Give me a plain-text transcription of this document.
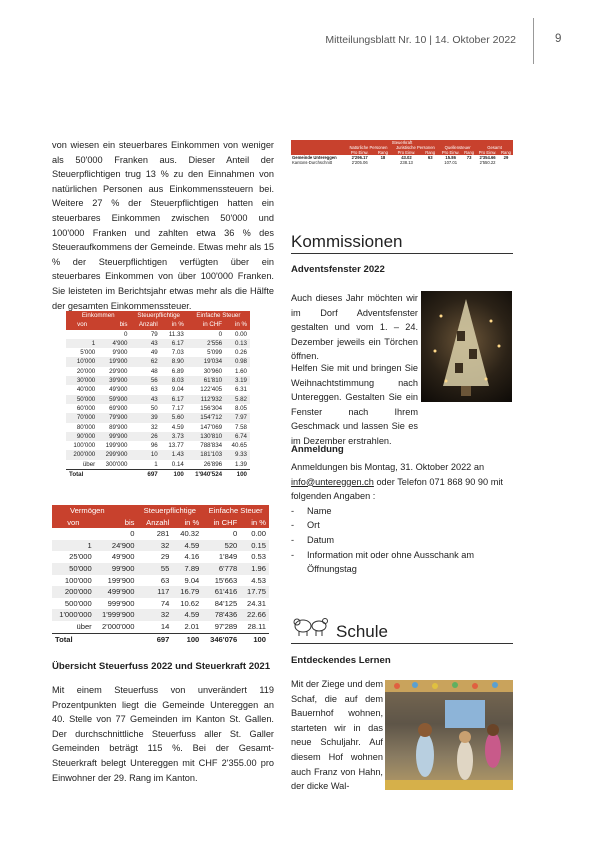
Mitteilungsblatt Nr. 10 | 14. Oktober 2022	9

von wiesen ein steuerbares Einkommen von weniger als 50'000 Franken aus. Dieser Anteil der Steuerpflichtigen trug 13 % zu den Einnahmen von natürlichen Personen aus Einkommenssteuern bei. Weitere 27 % der Steuerpflichtigen hatten ein steuerbares Einkommen zwischen 50'000 und 100'000 Franken und zahlten etwa 36 % des Steueraufkommens der Gemeinde. Etwas mehr als 15 % der Steuerpflichtigen verfügten über ein steuerbares Einkommen von über 100'000 Franken. Sie leisteten im Berichtsjahr etwas mehr als die Hälfte der gesamten Einkommenssteuer.

Einkommen		Steuerpflichtige		Einfache Steuer	
von	bis	Anzahl	in %	in CHF	in %
	0	79	11.33	0	0.00
1	4'900	43	6.17	2'556	0.13
5'000	9'900	49	7.03	5'099	0.26
10'000	19'900	62	8.90	19'034	0.98
20'000	29'900	48	6.89	30'960	1.60
30'000	39'900	56	8.03	61'810	3.19
40'000	49'900	63	9.04	122'405	6.31
50'000	59'900	43	6.17	112'932	5.82
60'000	69'900	50	7.17	156'304	8.05
70'000	79'900	39	5.60	154'712	7.97
80'000	89'900	32	4.59	147'069	7.58
90'000	99'900	26	3.73	130'810	6.74
100'000	199'900	96	13.77	788'834	40.65
200'000	299'900	10	1.43	181'103	9.33
über	300'000	1	0.14	26'896	1.39
Total		697	100	1'940'524	100
Vermögen		Steuerpflichtige		Einfache Steuer	
von	bis	Anzahl	in %	in CHF	in %
	0	281	40.32	0	0.00
1	24'900	32	4.59	520	0.15
25'000	49'900	29	4.16	1'849	0.53
50'000	99'900	55	7.89	6'778	1.96
100'000	199'900	63	9.04	15'663	4.53
200'000	499'900	117	16.79	61'416	17.75
500'000	999'900	74	10.62	84'125	24.31
1'000'000	1'999'900	32	4.59	78'436	22.66
über	2'000'000	14	2.01	97'289	28.11
Total		697	100	346'076	100
Übersicht Steuerfuss 2022 und Steuerkraft 2021

Mit einem Steuerfuss von unverändert 119 Prozentpunkten liegt die Gemeinde Untereggen an 40. Stelle von 77 Gemeinden im Kanton St. Gallen. Der durchschnittliche Steuerfuss aller St. Galler Gemeinden beträgt 115 %. Bei der Gesamt-Steuerkraft belegt Untereggen mit CHF 2'355.00 pro Einwohner der 29. Rang im Kanton.

Steuerkraft								
	Natürliche Personen		Juristische Personen		Quellensteuer		Gesamt	
	Pro Einw.	Rang	Pro Einw.	Rang	Pro Einw.	Rang	Pro Einw.	Rang
Gemeinde Untereggen	2'296.17	18	43.02	63	15.86	73	2'354.66	29
Kantons-Durchschnitt	2'205.06		238.13		107.01		2'550.22	
Kommissionen
Adventsfenster 2022

Auch dieses Jahr möchten wir im Dorf Adventsfenster gestalten und vom 1. – 24. Dezember jeweils ein Törchen öffnen.

Helfen Sie mit und bringen Sie Weihnachtstimmung nach Untereggen. Gestalten Sie ein Fenster nach Ihrem Geschmack und lassen Sie es im Dezember erstrahlen.

Anmeldung
Anmeldungen bis Montag, 31. Oktober 2022 an info@untereggen.ch oder Telefon 071 868 90 90 mit folgenden Angaben :
- Name
- Ort
- Datum
- Information mit oder ohne Ausschank am Öffnungstag
Schule
Entdeckendes Lernen

Mit der Ziege und dem Schaf, die auf dem Bauernhof wohnen, starteten wir in das neue Schuljahr. Auf diesem Hof wohnen auch Franz von Hahn, der dicke Wal-
